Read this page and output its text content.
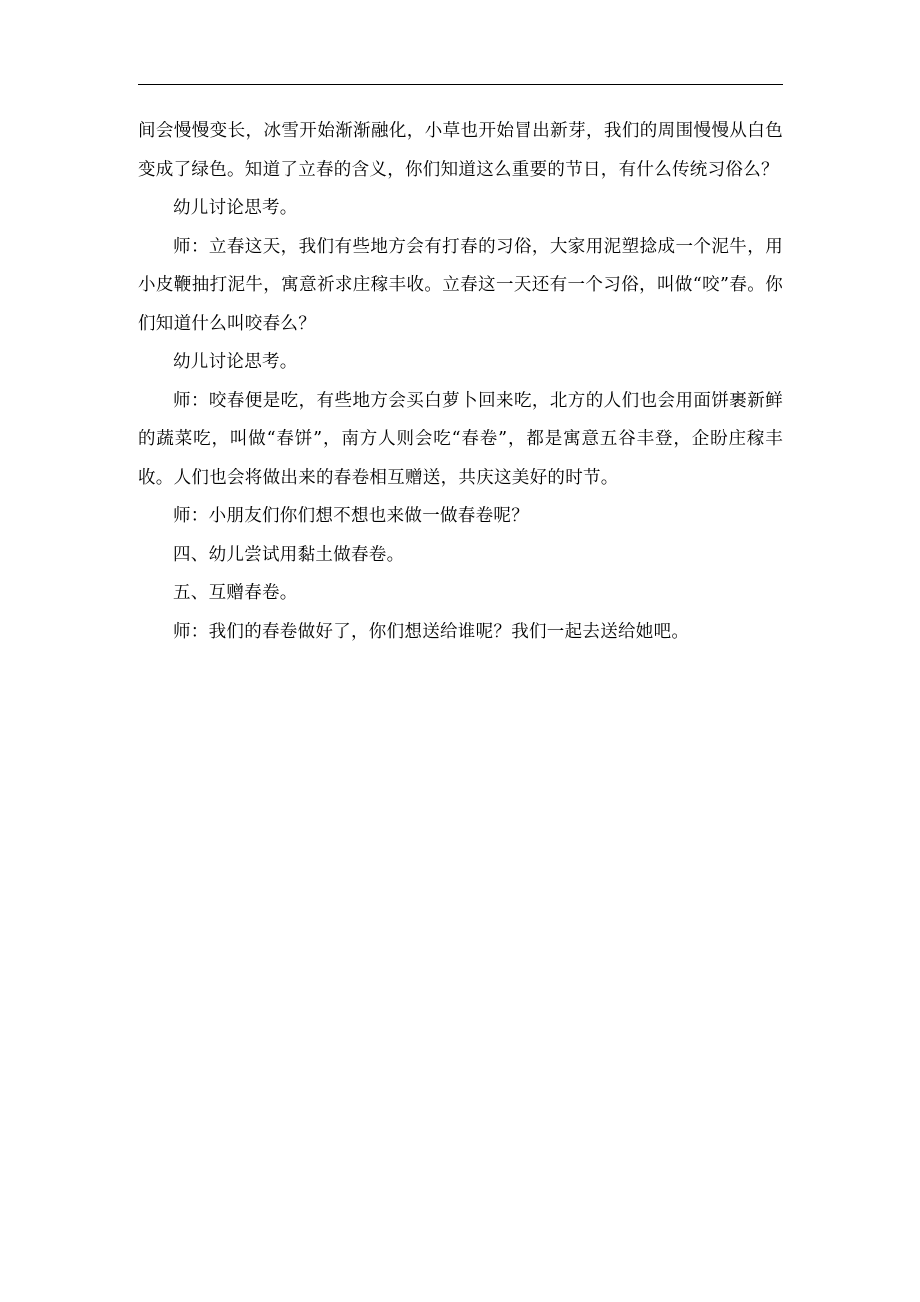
间会慢慢变长，冰雪开始渐渐融化，小草也开始冒出新芽，我们的周围慢慢从白色变成了绿色。知道了立春的含义，你们知道这么重要的节日，有什么传统习俗么？

幼儿讨论思考。

师：立春这天，我们有些地方会有打春的习俗，大家用泥塑捻成一个泥牛，用小皮鞭抽打泥牛，寓意祈求庄稼丰收。立春这一天还有一个习俗，叫做“咬”春。你们知道什么叫咬春么？

幼儿讨论思考。

师：咬春便是吃，有些地方会买白萝卜回来吃，北方的人们也会用面饼裹新鲜的蔬菜吃，叫做“春饼”，南方人则会吃“春卷”，都是寓意五谷丰登，企盼庄稼丰收。人们也会将做出来的春卷相互赠送，共庆这美好的时节。

师：小朋友们你们想不想也来做一做春卷呢？

四、幼儿尝试用黏土做春卷。

五、互赠春卷。

师：我们的春卷做好了，你们想送给谁呢？我们一起去送给她吧。
